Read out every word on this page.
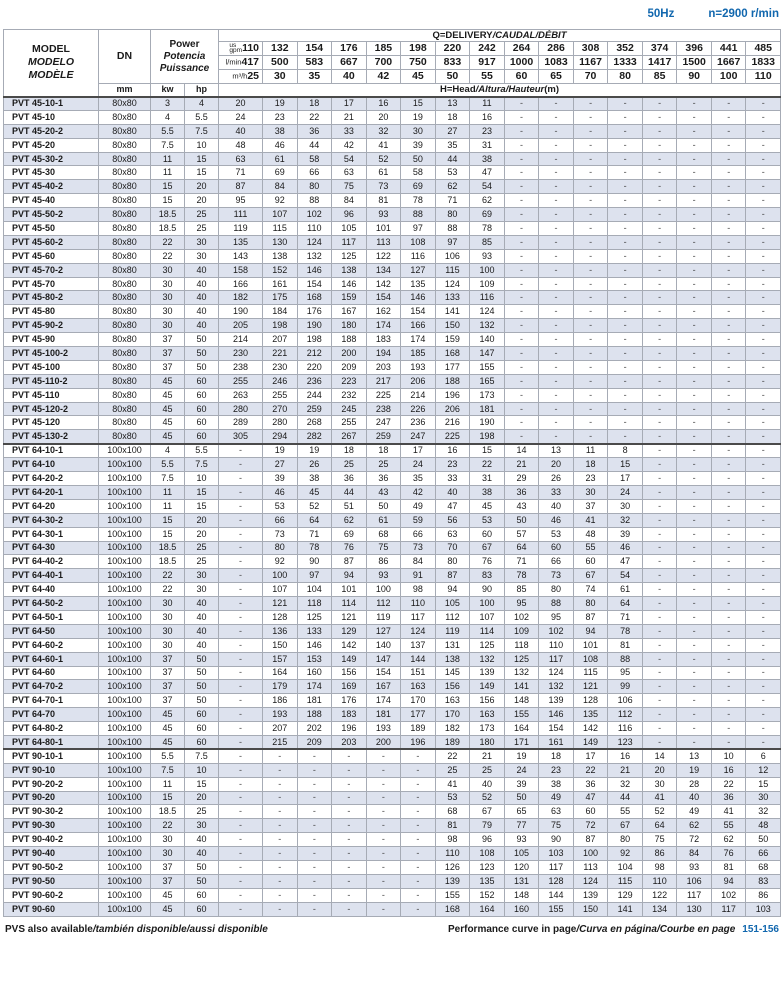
50Hz	n=2900 r/min
MODEL
MODELO
MODÈLE	DN	Power
Potencia
Puissance		Q=DELIVERY/CAUDAL/DÉBIT															
				us
gpm110	132	154	176	185	198	220	242	264	286	308	352	374	396	441	485
				l/min417	500	583	667	700	750	833	917	1000	1083	1167	1333	1417	1500	1667	1833
				m³/h25	30	35	40	42	45	50	55	60	65	70	80	85	90	100	110
	mm	kw	hp	H=Head/Altura/Hauteur(m)															
PVT 45-10-1	80x80	3	4	20	19	18	17	16	15	13	11	-	-	-	-	-	-	-	-
PVT 45-10	80x80	4	5.5	24	23	22	21	20	19	18	16	-	-	-	-	-	-	-	-
PVT 45-20-2	80x80	5.5	7.5	40	38	36	33	32	30	27	23	-	-	-	-	-	-	-	-
PVT 45-20	80x80	7.5	10	48	46	44	42	41	39	35	31	-	-	-	-	-	-	-	-
PVT 45-30-2	80x80	11	15	63	61	58	54	52	50	44	38	-	-	-	-	-	-	-	-
PVT 45-30	80x80	11	15	71	69	66	63	61	58	53	47	-	-	-	-	-	-	-	-
PVT 45-40-2	80x80	15	20	87	84	80	75	73	69	62	54	-	-	-	-	-	-	-	-
PVT 45-40	80x80	15	20	95	92	88	84	81	78	71	62	-	-	-	-	-	-	-	-
PVT 45-50-2	80x80	18.5	25	111	107	102	96	93	88	80	69	-	-	-	-	-	-	-	-
PVT 45-50	80x80	18.5	25	119	115	110	105	101	97	88	78	-	-	-	-	-	-	-	-
PVT 45-60-2	80x80	22	30	135	130	124	117	113	108	97	85	-	-	-	-	-	-	-	-
PVT 45-60	80x80	22	30	143	138	132	125	122	116	106	93	-	-	-	-	-	-	-	-
PVT 45-70-2	80x80	30	40	158	152	146	138	134	127	115	100	-	-	-	-	-	-	-	-
PVT 45-70	80x80	30	40	166	161	154	146	142	135	124	109	-	-	-	-	-	-	-	-
PVT 45-80-2	80x80	30	40	182	175	168	159	154	146	133	116	-	-	-	-	-	-	-	-
PVT 45-80	80x80	30	40	190	184	176	167	162	154	141	124	-	-	-	-	-	-	-	-
PVT 45-90-2	80x80	30	40	205	198	190	180	174	166	150	132	-	-	-	-	-	-	-	-
PVT 45-90	80x80	37	50	214	207	198	188	183	174	159	140	-	-	-	-	-	-	-	-
PVT 45-100-2	80x80	37	50	230	221	212	200	194	185	168	147	-	-	-	-	-	-	-	-
PVT 45-100	80x80	37	50	238	230	220	209	203	193	177	155	-	-	-	-	-	-	-	-
PVT 45-110-2	80x80	45	60	255	246	236	223	217	206	188	165	-	-	-	-	-	-	-	-
PVT 45-110	80x80	45	60	263	255	244	232	225	214	196	173	-	-	-	-	-	-	-	-
PVT 45-120-2	80x80	45	60	280	270	259	245	238	226	206	181	-	-	-	-	-	-	-	-
PVT 45-120	80x80	45	60	289	280	268	255	247	236	216	190	-	-	-	-	-	-	-	-
PVT 45-130-2	80x80	45	60	305	294	282	267	259	247	225	198	-	-	-	-	-	-	-	-
PVT 64-10-1	100x100	4	5.5	-	19	19	18	18	17	16	15	14	13	11	8	-	-	-	-
PVT 64-10	100x100	5.5	7.5	-	27	26	25	25	24	23	22	21	20	18	15	-	-	-	-
PVT 64-20-2	100x100	7.5	10	-	39	38	36	36	35	33	31	29	26	23	17	-	-	-	-
PVT 64-20-1	100x100	11	15	-	46	45	44	43	42	40	38	36	33	30	24	-	-	-	-
PVT 64-20	100x100	11	15	-	53	52	51	50	49	47	45	43	40	37	30	-	-	-	-
PVT 64-30-2	100x100	15	20	-	66	64	62	61	59	56	53	50	46	41	32	-	-	-	-
PVT 64-30-1	100x100	15	20	-	73	71	69	68	66	63	60	57	53	48	39	-	-	-	-
PVT 64-30	100x100	18.5	25	-	80	78	76	75	73	70	67	64	60	55	46	-	-	-	-
PVT 64-40-2	100x100	18.5	25	-	92	90	87	86	84	80	76	71	66	60	47	-	-	-	-
PVT 64-40-1	100x100	22	30	-	100	97	94	93	91	87	83	78	73	67	54	-	-	-	-
PVT 64-40	100x100	22	30	-	107	104	101	100	98	94	90	85	80	74	61	-	-	-	-
PVT 64-50-2	100x100	30	40	-	121	118	114	112	110	105	100	95	88	80	64	-	-	-	-
PVT 64-50-1	100x100	30	40	-	128	125	121	119	117	112	107	102	95	87	71	-	-	-	-
PVT 64-50	100x100	30	40	-	136	133	129	127	124	119	114	109	102	94	78	-	-	-	-
PVT 64-60-2	100x100	30	40	-	150	146	142	140	137	131	125	118	110	101	81	-	-	-	-
PVT 64-60-1	100x100	37	50	-	157	153	149	147	144	138	132	125	117	108	88	-	-	-	-
PVT 64-60	100x100	37	50	-	164	160	156	154	151	145	139	132	124	115	95	-	-	-	-
PVT 64-70-2	100x100	37	50	-	179	174	169	167	163	156	149	141	132	121	99	-	-	-	-
PVT 64-70-1	100x100	37	50	-	186	181	176	174	170	163	156	148	139	128	106	-	-	-	-
PVT 64-70	100x100	45	60	-	193	188	183	181	177	170	163	155	146	135	112	-	-	-	-
PVT 64-80-2	100x100	45	60	-	207	202	196	193	189	182	173	164	154	142	116	-	-	-	-
PVT 64-80-1	100x100	45	60	-	215	209	203	200	196	189	180	171	161	149	123	-	-	-	-
PVT 90-10-1	100x100	5.5	7.5	-	-	-	-	-	-	22	21	19	18	17	16	14	13	10	6
PVT 90-10	100x100	7.5	10	-	-	-	-	-	-	25	25	24	23	22	21	20	19	16	12
PVT 90-20-2	100x100	11	15	-	-	-	-	-	-	41	40	39	38	36	32	30	28	22	15
PVT 90-20	100x100	15	20	-	-	-	-	-	-	53	52	50	49	47	44	41	40	36	30
PVT 90-30-2	100x100	18.5	25	-	-	-	-	-	-	68	67	65	63	60	55	52	49	41	32
PVT 90-30	100x100	22	30	-	-	-	-	-	-	81	79	77	75	72	67	64	62	55	48
PVT 90-40-2	100x100	30	40	-	-	-	-	-	-	98	96	93	90	87	80	75	72	62	50
PVT 90-40	100x100	30	40	-	-	-	-	-	-	110	108	105	103	100	92	86	84	76	66
PVT 90-50-2	100x100	37	50	-	-	-	-	-	-	126	123	120	117	113	104	98	93	81	68
PVT 90-50	100x100	37	50	-	-	-	-	-	-	139	135	131	128	124	115	110	106	94	83
PVT 90-60-2	100x100	45	60	-	-	-	-	-	-	155	152	148	144	139	129	122	117	102	86
PVT 90-60	100x100	45	60	-	-	-	-	-	-	168	164	160	155	150	141	134	130	117	103
PVS also available/también disponible/aussi disponible	Performance curve in page/Curva en página/Courbe en page 151-156
